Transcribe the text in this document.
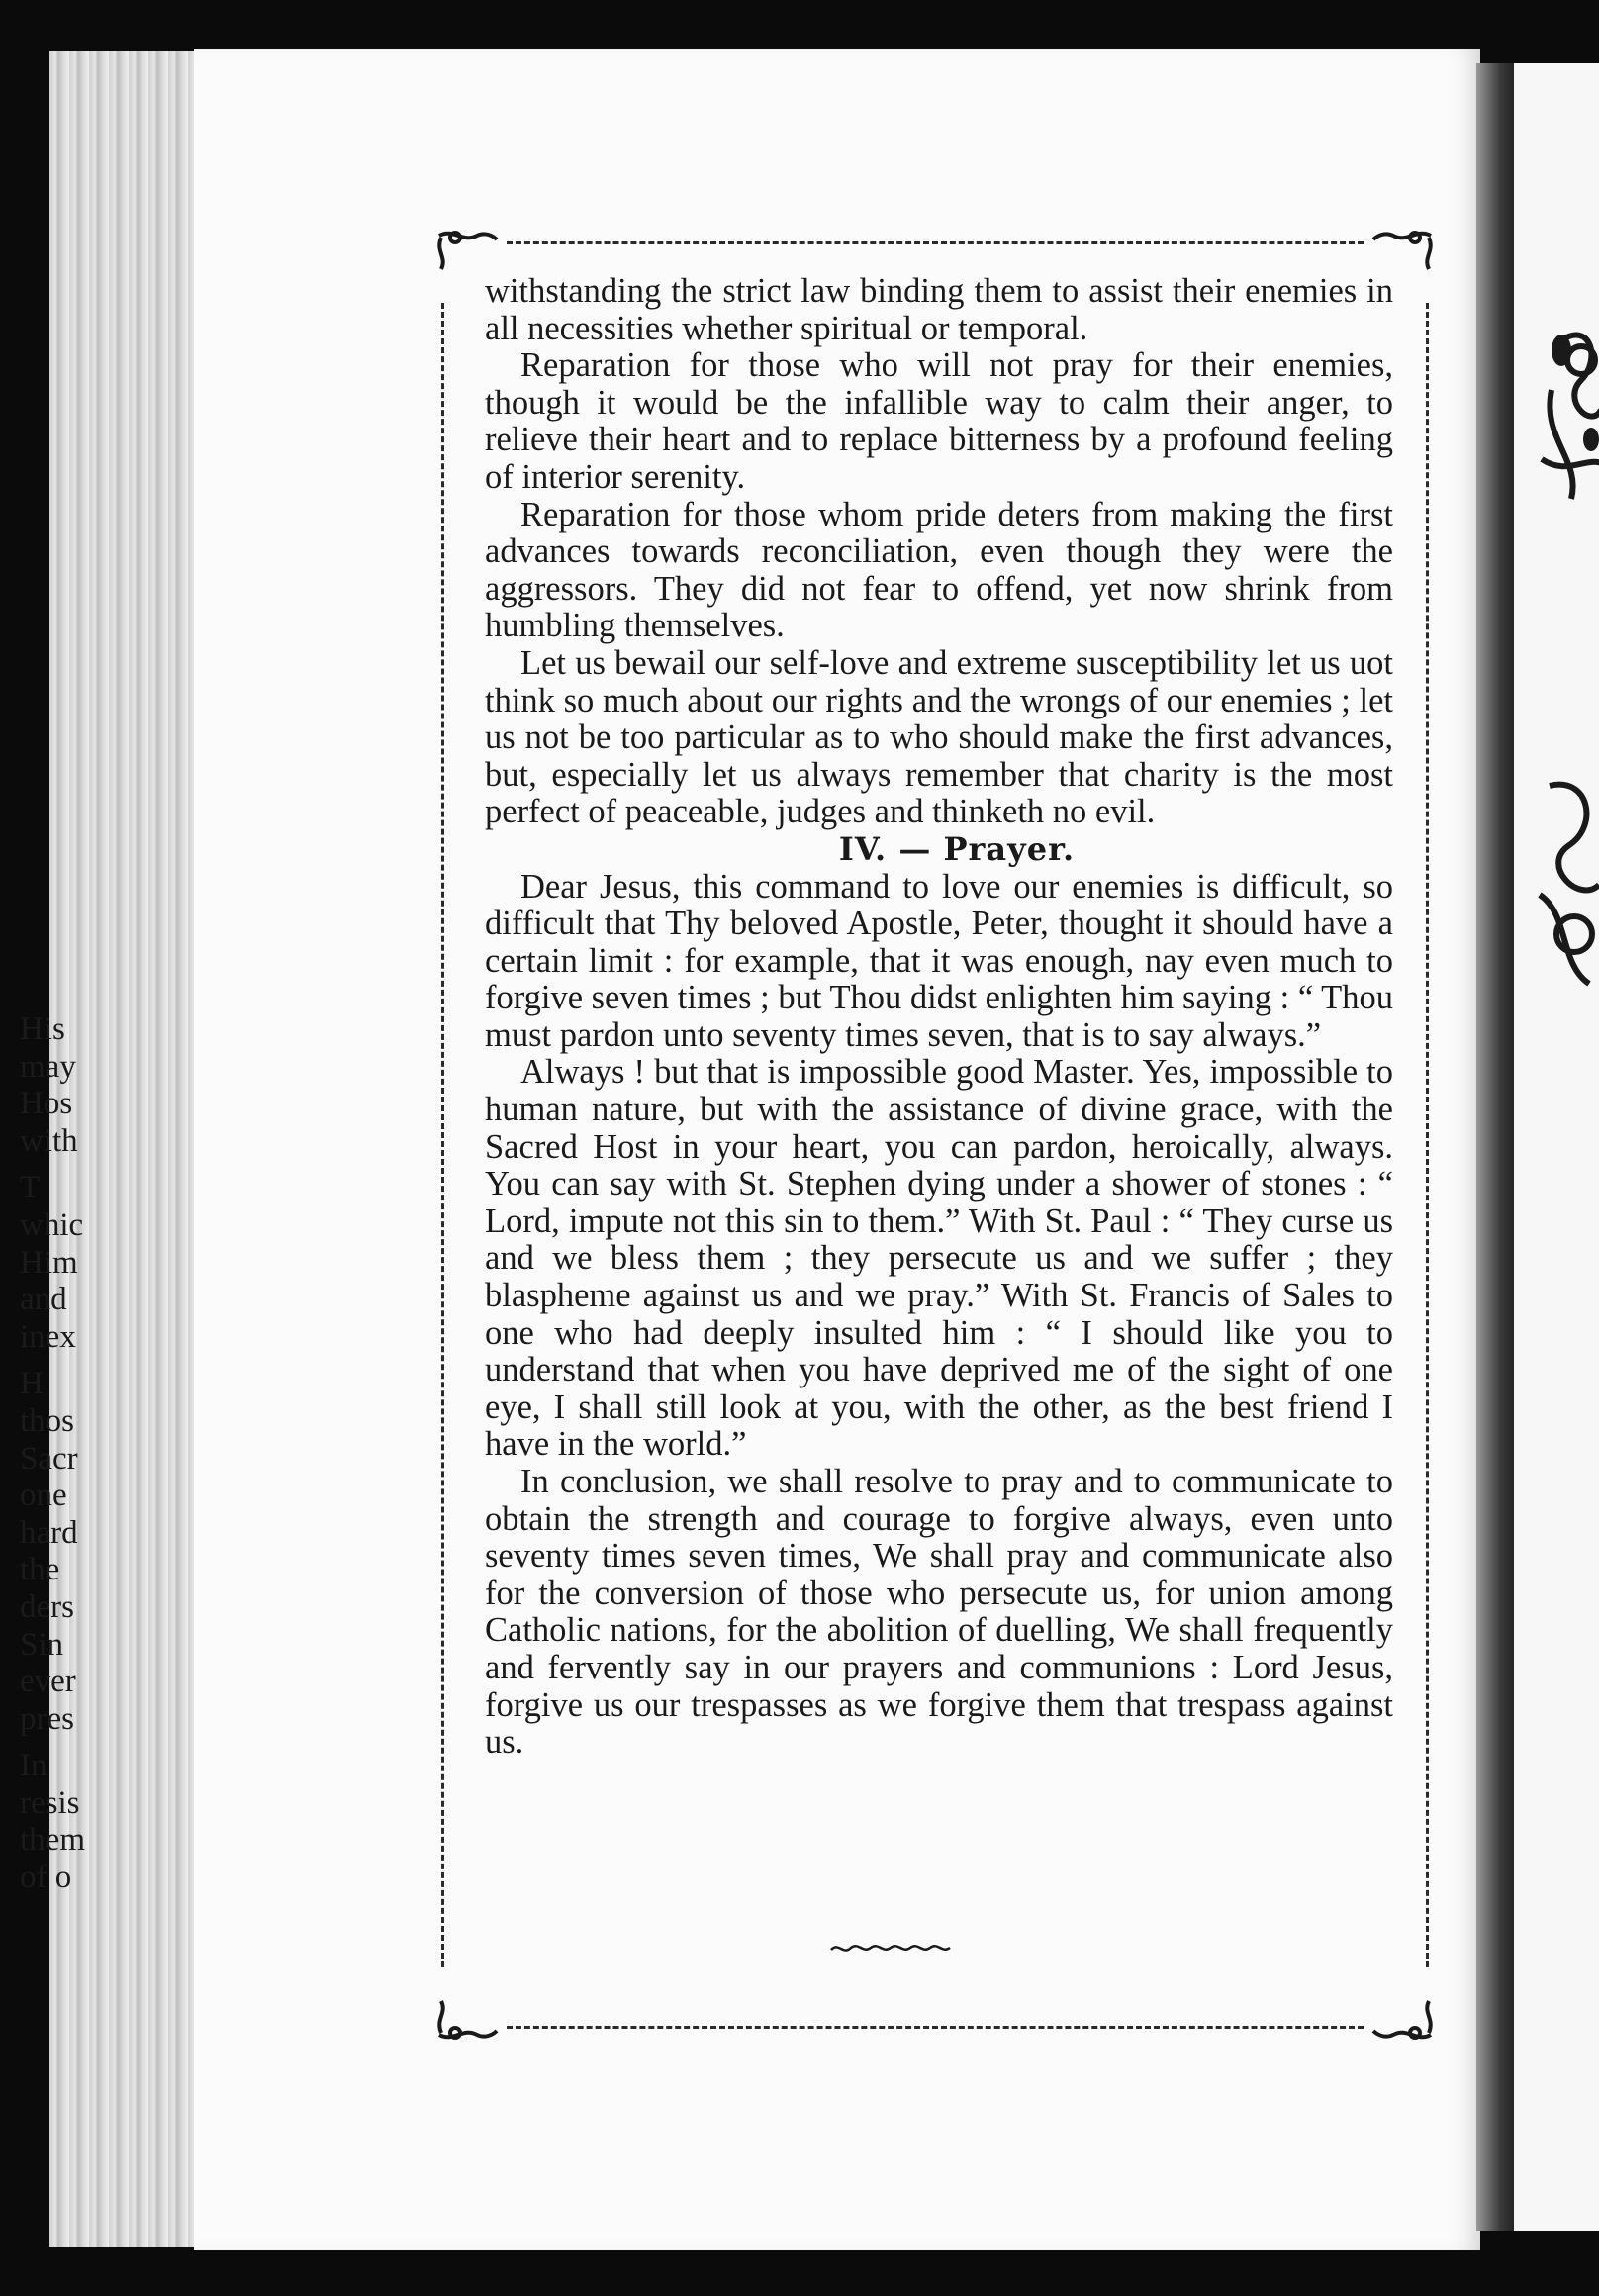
His
may
Hos
with
T
whic
Him
and
inex
H
thos
Sacr
one
hard
the
ders
Sin
ever
pres
In
resis
them
of o

withstanding the strict law binding them to assist their enemies in all necessities whether spiritual or temporal.

Reparation for those who will not pray for their enemies, though it would be the infallible way to calm their anger, to relieve their heart and to replace bitterness by a profound feeling of interior serenity.

Reparation for those whom pride deters from making the first advances towards reconciliation, even though they were the aggressors. They did not fear to offend, yet now shrink from humbling themselves.

Let us bewail our self-love and extreme susceptibility let us uot think so much about our rights and the wrongs of our enemies ; let us not be too particular as to who should make the first advances, but, especially let us always remember that charity is the most perfect of peaceable, judges and thinketh no evil.

IV. — Prayer.

Dear Jesus, this command to love our enemies is difficult, so difficult that Thy beloved Apostle, Peter, thought it should have a certain limit : for example, that it was enough, nay even much to forgive seven times ; but Thou didst enlighten him saying : “ Thou must pardon unto seventy times seven, that is to say always.”

Always ! but that is impossible good Master. Yes, impossible to human nature, but with the assistance of divine grace, with the Sacred Host in your heart, you can pardon, heroically, always. You can say with St. Stephen dying under a shower of stones : “ Lord, impute not this sin to them.” With St. Paul : “ They curse us and we bless them ; they persecute us and we suffer ; they blaspheme against us and we pray.” With St. Francis of Sales to one who had deeply insulted him : “ I should like you to understand that when you have deprived me of the sight of one eye, I shall still look at you, with the other, as the best friend I have in the world.”

In conclusion, we shall resolve to pray and to communicate to obtain the strength and courage to forgive always, even unto seventy times seven times, We shall pray and communicate also for the conversion of those who persecute us, for union among Catholic nations, for the abolition of duelling, We shall frequently and fervently say in our prayers and communions : Lord Jesus, forgive us our trespasses as we forgive them that trespass against us.
